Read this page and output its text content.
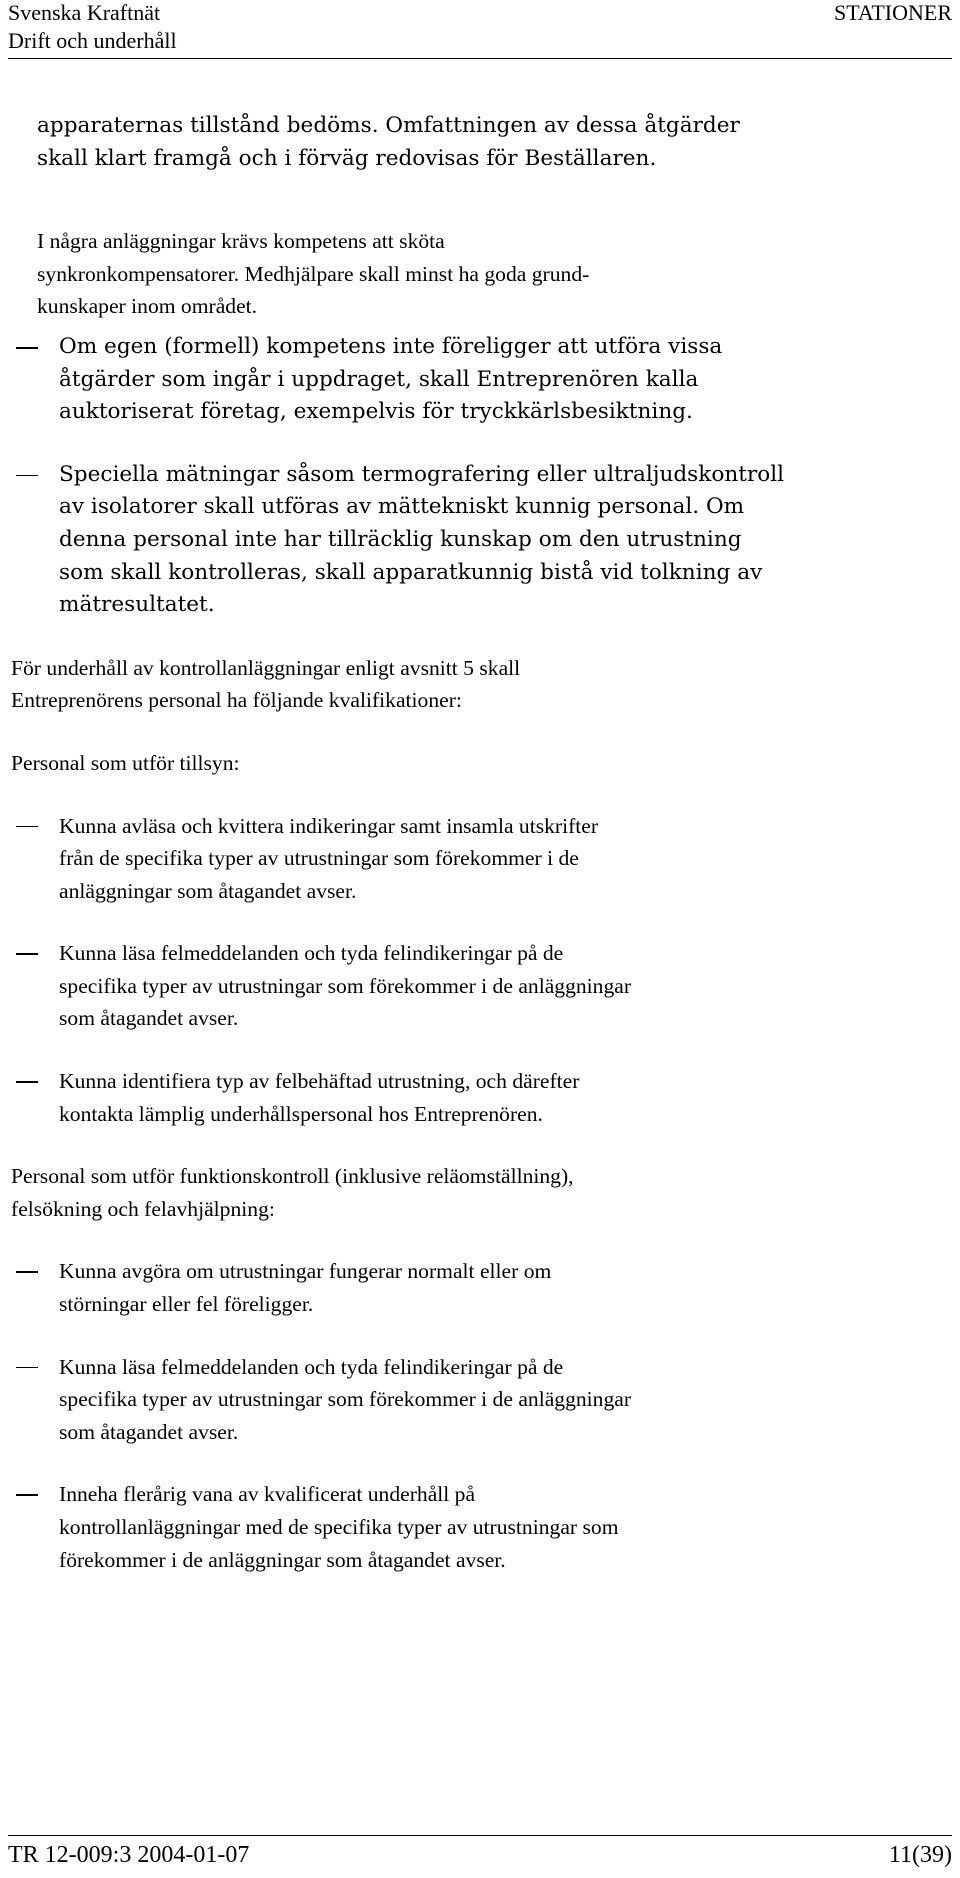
Svenska Kraftnät
Drift och underhåll
STATIONER

apparaternas tillstånd bedöms. Omfattningen av dessa åtgärder

skall klart framgå och i förväg redovisas för Beställaren.

I några anläggningar krävs kompetens att sköta

synkronkompensatorer. Medhjälpare skall minst ha goda grund-

kunskaper inom området.

Om egen (formell) kompetens inte föreligger att utföra vissa

åtgärder som ingår i uppdraget, skall Entreprenören kalla

auktoriserat företag, exempelvis för tryckkärlsbesiktning.

Speciella mätningar såsom termografering eller ultraljudskontroll

av isolatorer skall utföras av mättekniskt kunnig personal. Om

denna personal inte har tillräcklig kunskap om den utrustning

som skall kontrolleras, skall apparatkunnig bistå vid tolkning av

mätresultatet.

För underhåll av kontrollanläggningar enligt avsnitt 5 skall

Entreprenörens personal ha följande kvalifikationer:

Personal som utför tillsyn:

Kunna avläsa och kvittera indikeringar samt insamla utskrifter

från de specifika typer av utrustningar som förekommer i de

anläggningar som åtagandet avser.

Kunna läsa felmeddelanden och tyda felindikeringar på de

specifika typer av utrustningar som förekommer i de anläggningar

som åtagandet avser.

Kunna identifiera typ av felbehäftad utrustning, och därefter

kontakta lämplig underhållspersonal hos Entreprenören.

Personal som utför funktionskontroll (inklusive reläomställning),

felsökning och felavhjälpning:

Kunna avgöra om utrustningar fungerar normalt eller om

störningar eller fel föreligger.

Kunna läsa felmeddelanden och tyda felindikeringar på de

specifika typer av utrustningar som förekommer i de anläggningar

som åtagandet avser.

Inneha flerårig vana av kvalificerat underhåll på

kontrollanläggningar med de specifika typer av utrustningar som

förekommer i de anläggningar som åtagandet avser.

TR 12-009:3 2004-01-07	11(39)
